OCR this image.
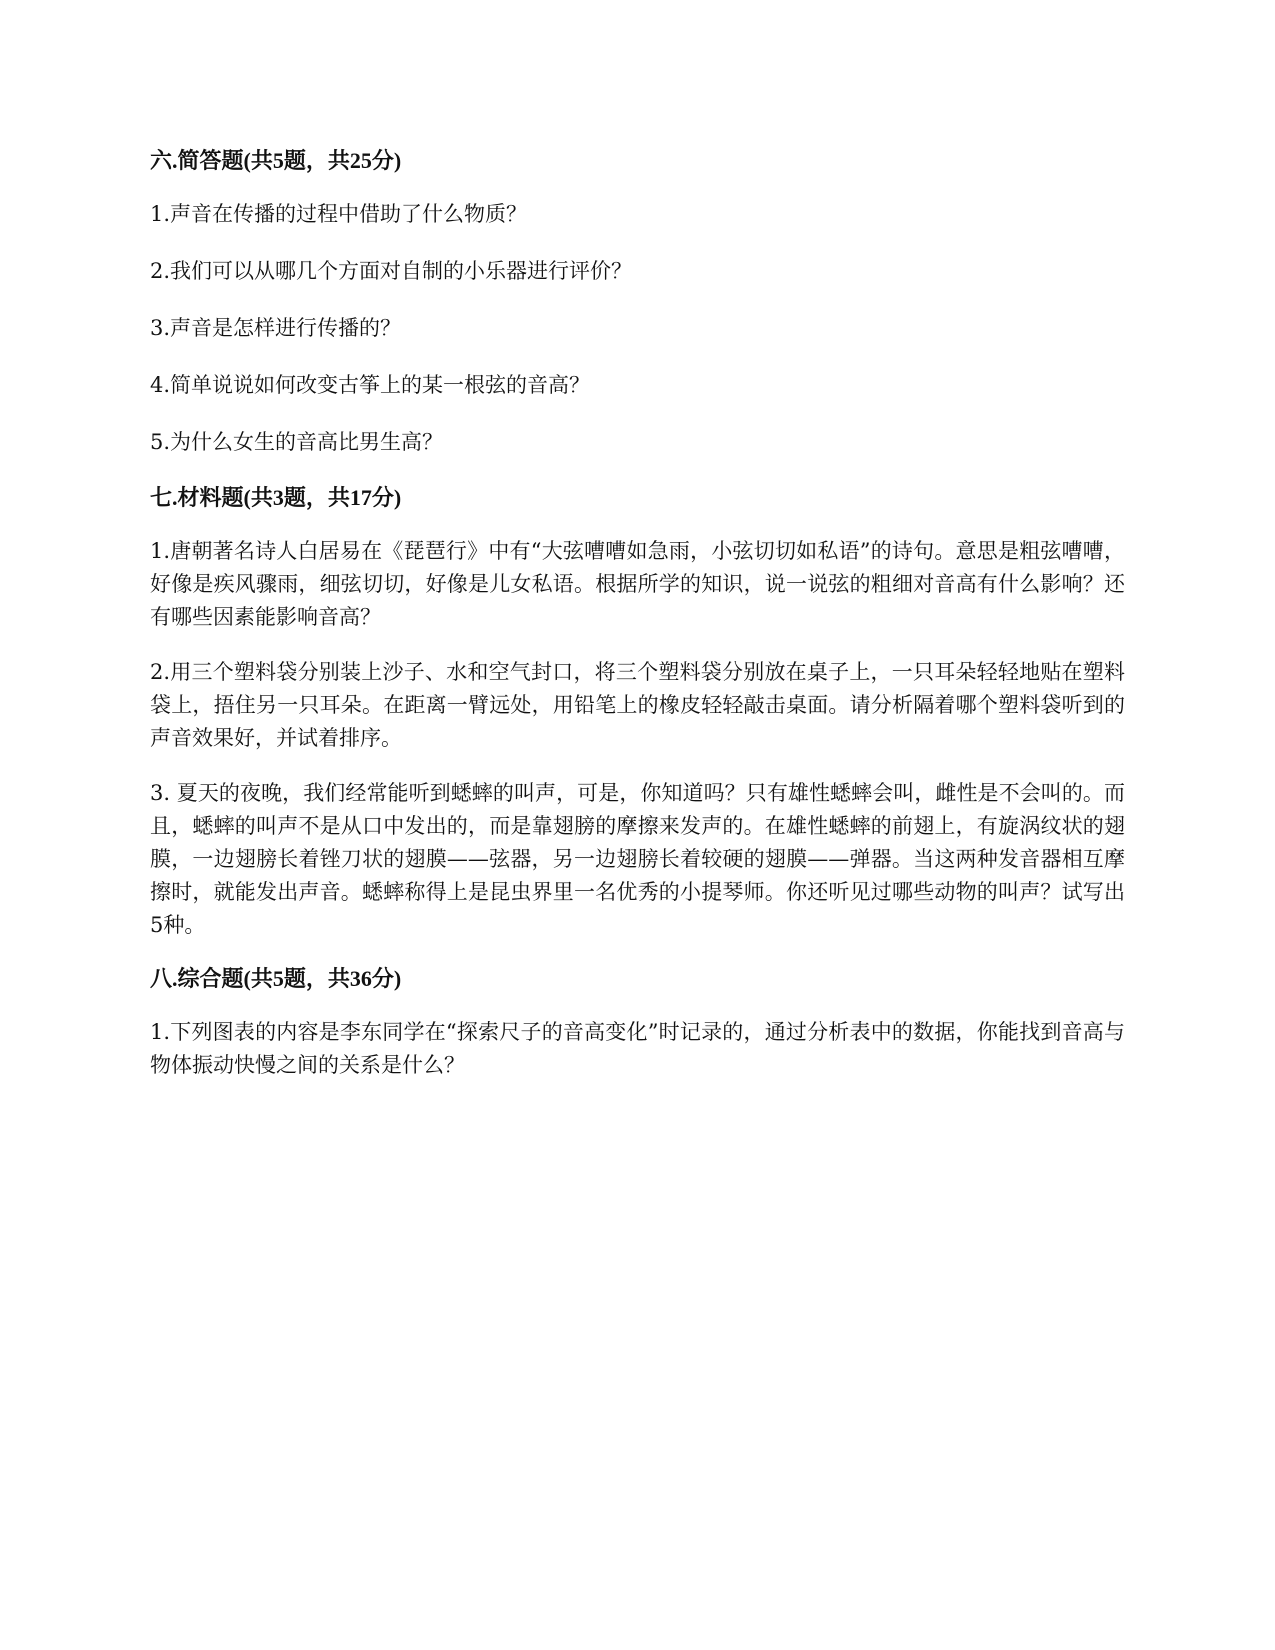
六.简答题(共5题，共25分)
1.声音在传播的过程中借助了什么物质？
2.我们可以从哪几个方面对自制的小乐器进行评价？
3.声音是怎样进行传播的？
4.简单说说如何改变古筝上的某一根弦的音高？
5.为什么女生的音高比男生高？
七.材料题(共3题，共17分)
1.唐朝著名诗人白居易在《琵琶行》中有“大弦嘈嘈如急雨，小弦切切如私语”的诗句。意思是粗弦嘈嘈，好像是疾风骤雨，细弦切切，好像是儿女私语。根据所学的知识，说一说弦的粗细对音高有什么影响？还有哪些因素能影响音高？
2.用三个塑料袋分别装上沙子、水和空气封口，将三个塑料袋分别放在桌子上，一只耳朵轻轻地贴在塑料袋上，捂住另一只耳朵。在距离一臂远处，用铅笔上的橡皮轻轻敲击桌面。请分析隔着哪个塑料袋听到的声音效果好，并试着排序。
3. 夏天的夜晚，我们经常能听到蟋蟀的叫声，可是，你知道吗？只有雄性蟋蟀会叫，雌性是不会叫的。而且，蟋蟀的叫声不是从口中发出的，而是靠翅膀的摩擦来发声的。在雄性蟋蟀的前翅上，有旋涡纹状的翅膜，一边翅膀长着锉刀状的翅膜——弦器，另一边翅膀长着较硬的翅膜——弹器。当这两种发音器相互摩擦时，就能发出声音。蟋蟀称得上是昆虫界里一名优秀的小提琴师。你还听见过哪些动物的叫声？试写出5种。
八.综合题(共5题，共36分)
1.下列图表的内容是李东同学在“探索尺子的音高变化”时记录的，通过分析表中的数据，你能找到音高与物体振动快慢之间的关系是什么？
